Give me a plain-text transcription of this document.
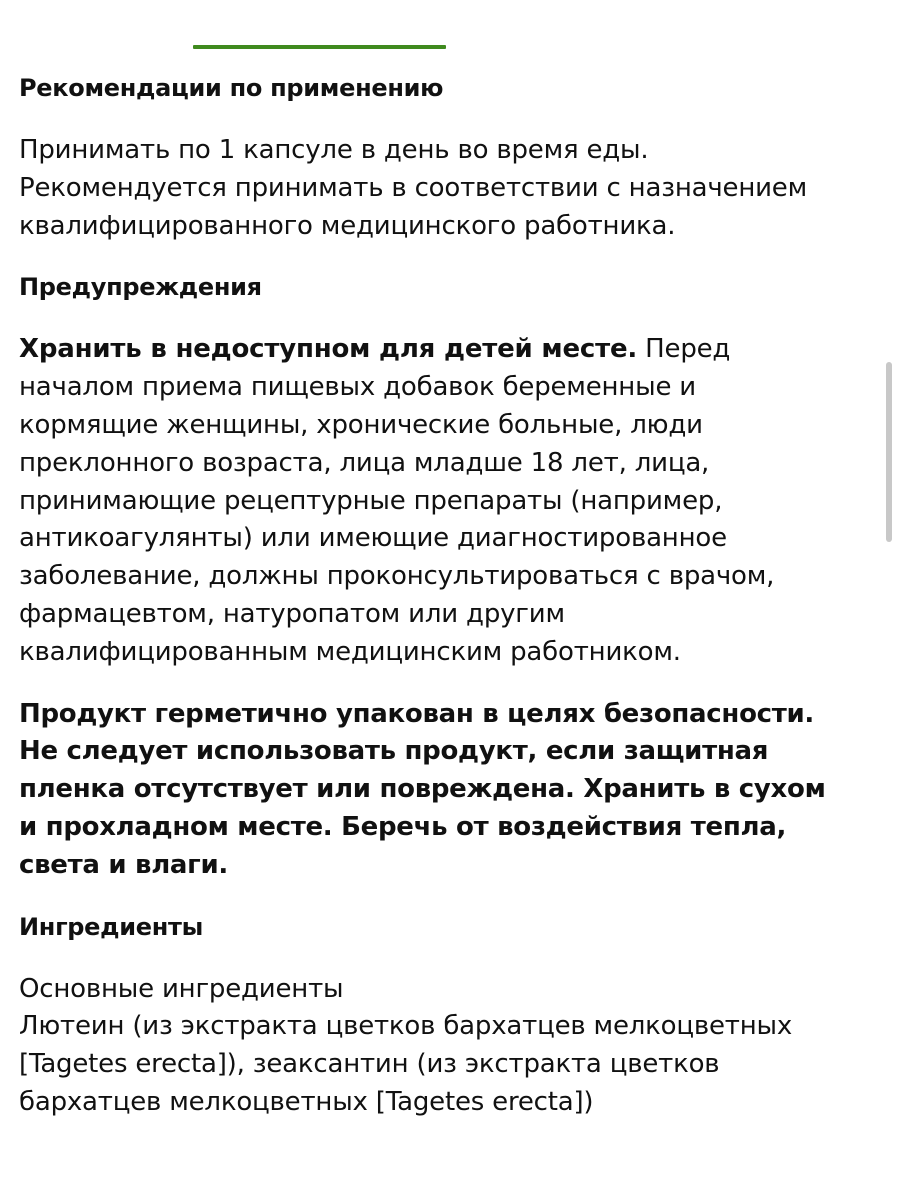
Рекомендации по применению

Принимать по 1 капсуле в день во время еды.

Рекомендуется принимать в соответствии с назначением

квалифицированного медицинского работника.

Предупреждения

Хранить в недоступном для детей месте. Перед

началом приема пищевых добавок беременные и

кормящие женщины, хронические больные, люди

преклонного возраста, лица младше 18 лет, лица,

принимающие рецептурные препараты (например,

антикоагулянты) или имеющие диагностированное

заболевание, должны проконсультироваться с врачом,

фармацевтом, натуропатом или другим

квалифицированным медицинским работником.

Продукт герметично упакован в целях безопасности.

Не следует использовать продукт, если защитная

пленка отсутствует или повреждена. Хранить в сухом

и прохладном месте. Беречь от воздействия тепла,

света и влаги.

Ингредиенты

Основные ингредиенты

Лютеин (из экстракта цветков бархатцев мелкоцветных

[Tagetes erecta]), зеаксантин (из экстракта цветков

бархатцев мелкоцветных [Tagetes erecta])
